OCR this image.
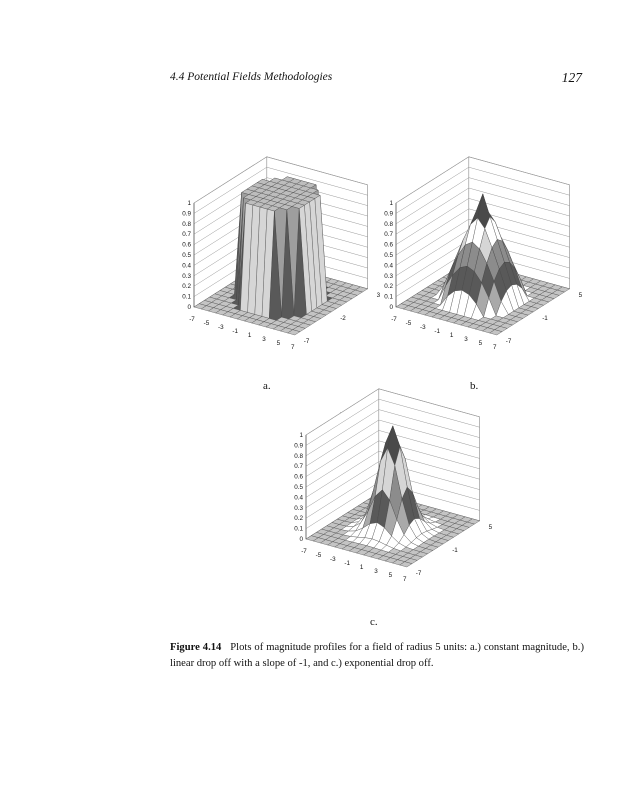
4.4 Potential Fields Methodologies	127
0
0.1
0.2
0.3
0.4
0.5
0.6
0.7
0.8
0.9
1
-7
-5
-3
-1
1
3
5
7
-7
-2
3
0
0.1
0.2
0.3
0.4
0.5
0.6
0.7
0.8
0.9
1
-7
-5
-3
-1
1
3
5
7
-7
-1
5
0
0.1
0.2
0.3
0.4
0.5
0.6
0.7
0.8
0.9
1
-7
-5
-3
-1
1
3
5
7
-7
-1
5
a.	b.
c.
Figure 4.14 Plots of magnitude profiles for a field of radius 5 units: a.) constant magnitude, b.) linear drop off with a slope of -1, and c.) exponential drop off.
